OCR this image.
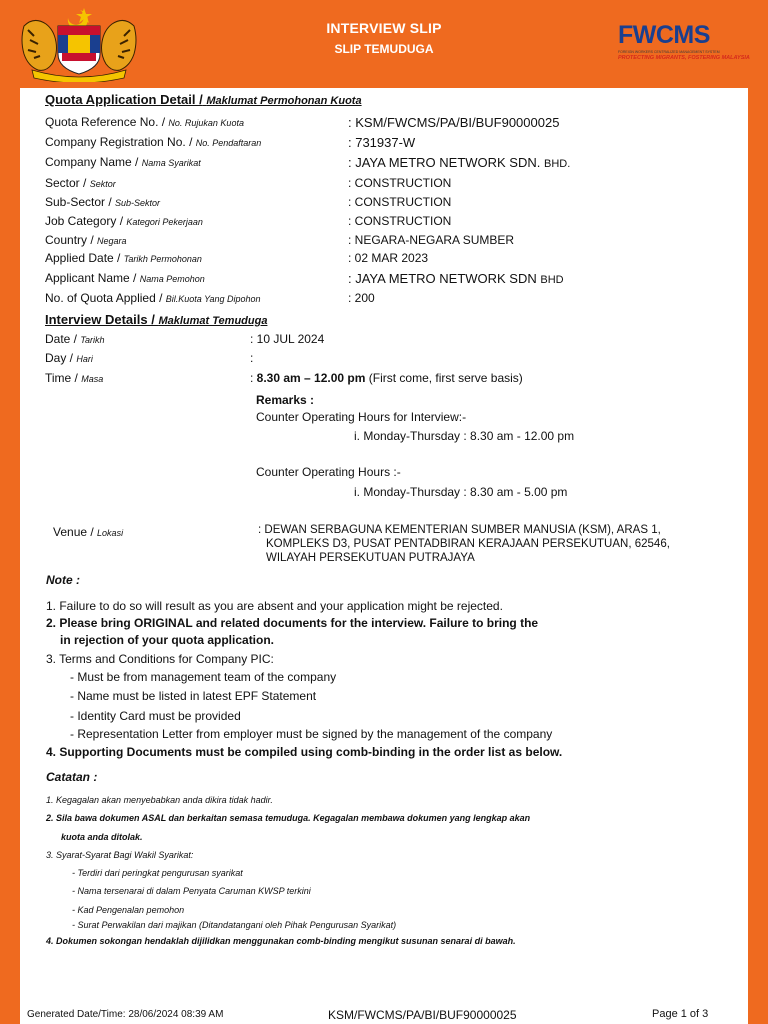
INTERVIEW SLIP
SLIP TEMUDUGA	FWCMS
FOREIGN WORKERS CENTRALIZED MANAGEMENT SYSTEM
PROTECTING MIGRANTS, FOSTERING MALAYSIA
Quota Application Detail / Maklumat Permohonan Kuota
Quota Reference No. / No. Rujukan Kuota	: KSM/FWCMS/PA/BI/BUF90000025
Company Registration No. / No. Pendaftaran	: 731937-W
Company Name / Nama Syarikat	: JAYA METRO NETWORK SDN. BHD.
Sector / Sektor	: CONSTRUCTION
Sub-Sector / Sub-Sektor	: CONSTRUCTION
Job Category / Kategori Pekerjaan	: CONSTRUCTION
Country / Negara	: NEGARA-NEGARA SUMBER
Applied Date / Tarikh Permohonan	: 02 MAR 2023
Applicant Name / Nama Pemohon	: JAYA METRO NETWORK SDN BHD
No. of Quota Applied / Bil.Kuota Yang Dipohon	: 200
Interview Details / Maklumat Temuduga
Date / Tarikh	: 10 JUL 2024
Day / Hari	:
Time / Masa	: 8.30 am – 12.00 pm (First come, first serve basis)
Remarks :
Counter Operating Hours for Interview:-
i. Monday-Thursday : 8.30 am - 12.00 pm
Counter Operating Hours :-
i. Monday-Thursday : 8.30 am - 5.00 pm
Venue / Lokasi	: DEWAN SERBAGUNA KEMENTERIAN SUMBER MANUSIA (KSM), ARAS 1,
KOMPLEKS D3, PUSAT PENTADBIRAN KERAJAAN PERSEKUTUAN, 62546,
WILAYAH PERSEKUTUAN PUTRAJAYA
Note :
1. Failure to do so will result as you are absent and your application might be rejected.
2. Please bring ORIGINAL and related documents for the interview. Failure to bring the
in rejection of your quota application.
3. Terms and Conditions for Company PIC:
- Must be from management team of the company
- Name must be listed in latest EPF Statement
- Identity Card must be provided
- Representation Letter from employer must be signed by the management of the company
4. Supporting Documents must be compiled using comb-binding in the order list as below.
Catatan :
1. Kegagalan akan menyebabkan anda dikira tidak hadir.
2. Sila bawa dokumen ASAL dan berkaitan semasa temuduga. Kegagalan membawa dokumen yang lengkap akan
kuota anda ditolak.
3. Syarat-Syarat Bagi Wakil Syarikat:
- Terdiri dari peringkat pengurusan syarikat
- Nama tersenarai di dalam Penyata Caruman KWSP terkini
- Kad Pengenalan pemohon
- Surat Perwakilan dari majikan (Ditandatangani oleh Pihak Pengurusan Syarikat)
4. Dokumen sokongan hendaklah dijilidkan menggunakan comb-binding mengikut susunan senarai di bawah.
Generated Date/Time: 28/06/2024 08:39 AM	KSM/FWCMS/PA/BI/BUF90000025	Page 1 of 3
